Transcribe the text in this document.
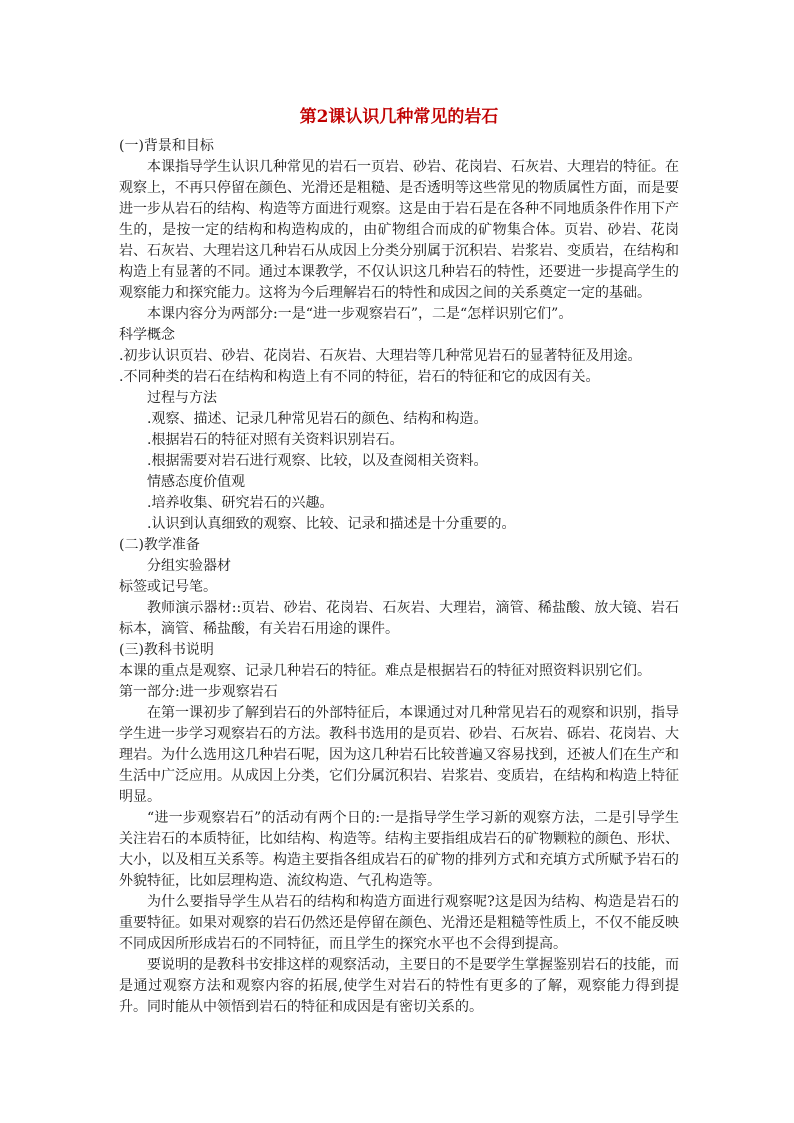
第2课认识几种常见的岩石

(一)背景和目标

本课指导学生认识几种常见的岩石一页岩、砂岩、花岗岩、石灰岩、大理岩的特征。在观察上，不再只停留在颜色、光滑还是粗糙、是否透明等这些常见的物质属性方面，而是要进一步从岩石的结构、构造等方面进行观察。这是由于岩石是在各种不同地质条件作用下产生的，是按一定的结构和构造构成的，由矿物组合而成的矿物集合体。页岩、砂岩、花岗岩、石灰岩、大理岩这几种岩石从成因上分类分别属于沉积岩、岩浆岩、变质岩，在结构和构造上有显著的不同。通过本课教学，不仅认识这几种岩石的特性，还要进一步提高学生的观察能力和探究能力。这将为今后理解岩石的特性和成因之间的关系奠定一定的基础。

本课内容分为两部分:一是“进一步观察岩石”，二是“怎样识别它们”。

科学概念

.初步认识页岩、砂岩、花岗岩、石灰岩、大理岩等几种常见岩石的显著特征及用途。

.不同种类的岩石在结构和构造上有不同的特征，岩石的特征和它的成因有关。

过程与方法

.观察、描述、记录几种常见岩石的颜色、结构和构造。

.根据岩石的特征对照有关资料识别岩石。

.根据需要对岩石进行观察、比较，以及查阅相关资料。

情感态度价值观

.培养收集、研究岩石的兴趣。

.认识到认真细致的观察、比较、记录和描述是十分重要的。

(二)教学准备

分组实验器材

标签或记号笔。

教师演示器材::页岩、砂岩、花岗岩、石灰岩、大理岩，滴管、稀盐酸、放大镜、岩石标本，滴管、稀盐酸，有关岩石用途的课件。

(三)教科书说明

本课的重点是观察、记录几种岩石的特征。难点是根据岩石的特征对照资料识别它们。

第一部分:进一步观察岩石

在第一课初步了解到岩石的外部特征后，本课通过对几种常见岩石的观察和识别，指导学生进一步学习观察岩石的方法。教科书选用的是页岩、砂岩、石灰岩、砾岩、花岗岩、大理岩。为什么选用这几种岩石呢，因为这几种岩石比较普遍又容易找到，还被人们在生产和生活中广泛应用。从成因上分类，它们分属沉积岩、岩浆岩、变质岩，在结构和构造上特征明显。

“进一步观察岩石”的活动有两个日的:一是指导学生学习新的观察方法，二是引导学生关注岩石的本质特征，比如结构、构造等。结构主要指组成岩石的矿物颗粒的颜色、形状、大小，以及相互关系等。构造主要指各组成岩石的矿物的排列方式和充填方式所赋予岩石的外貌特征，比如层理构造、流纹构造、气孔构造等。

为什么要指导学生从岩石的结构和构造方面进行观察呢?这是因为结构、构造是岩石的重要特征。如果对观察的岩石仍然还是停留在颜色、光滑还是粗糙等性质上，不仅不能反映不同成因所形成岩石的不同特征，而且学生的探究水平也不会得到提高。

要说明的是教科书安排这样的观察活动，主要日的不是要学生掌握鉴别岩石的技能，而是通过观察方法和观察内容的拓展,使学生对岩石的特性有更多的了解，观察能力得到提升。同时能从中领悟到岩石的特征和成因是有密切关系的。
